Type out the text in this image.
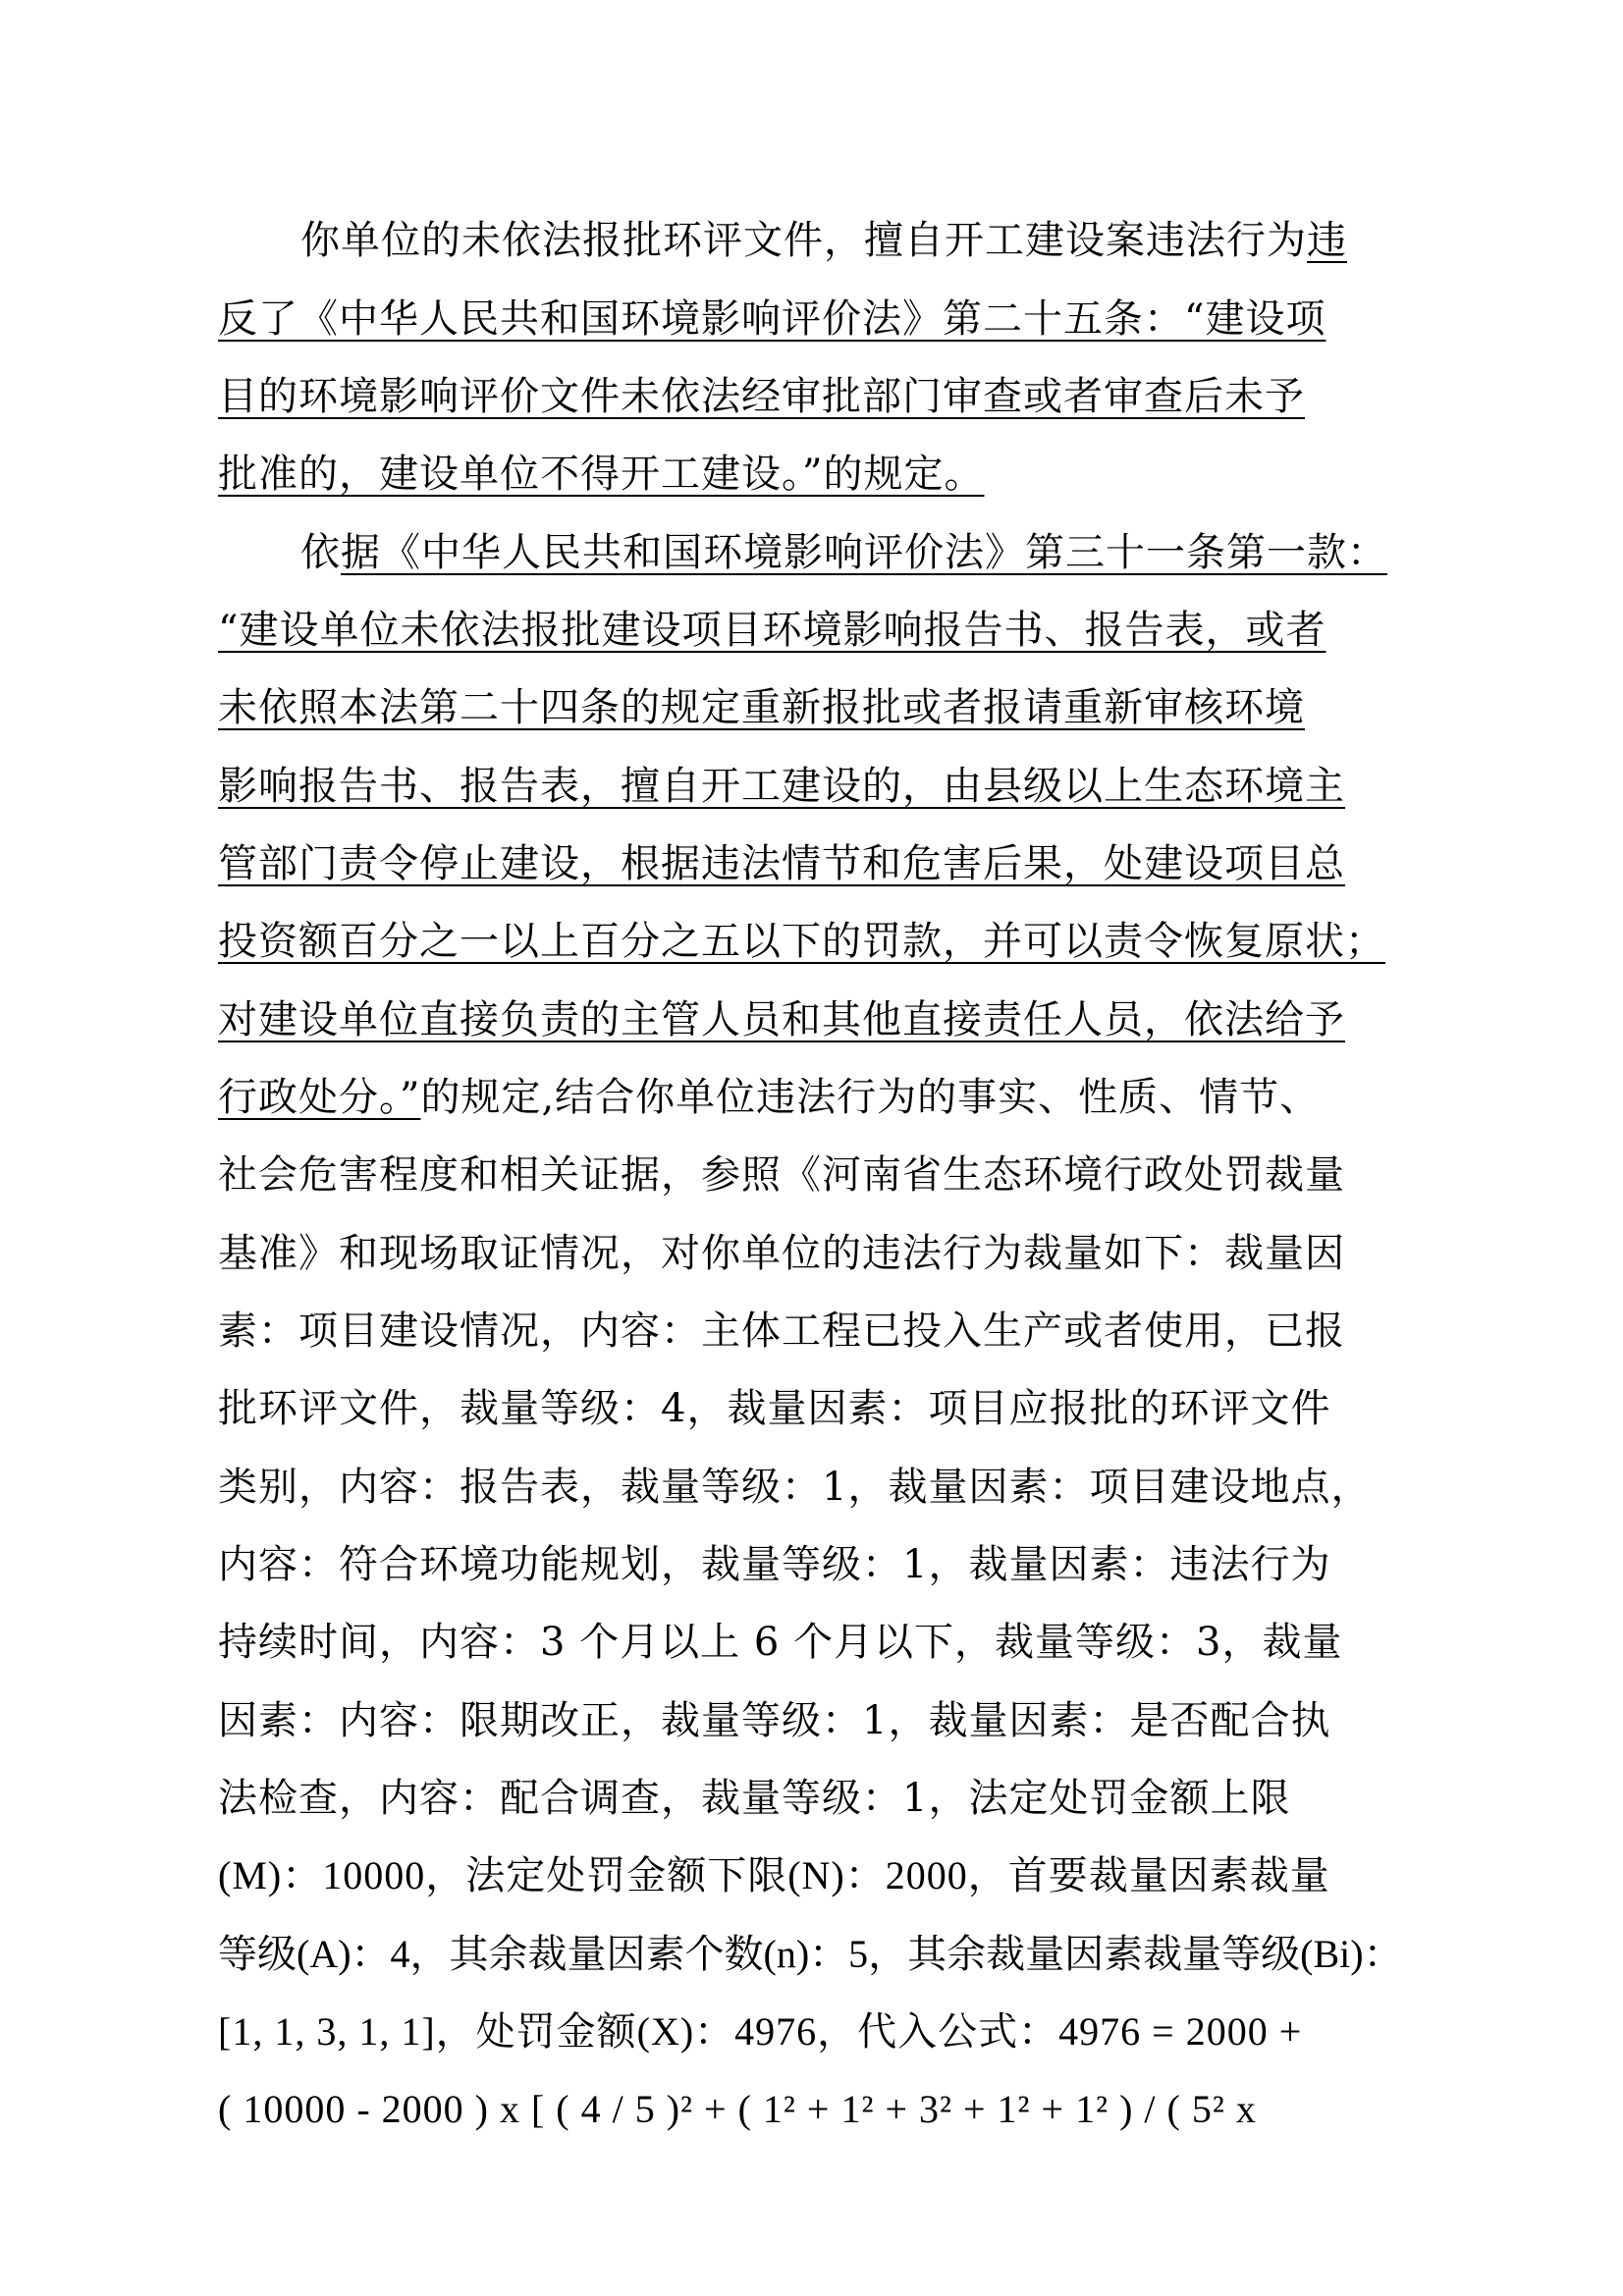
你单位的未依法报批环评文件，擅自开工建设案违法行为违
反了《中华人民共和国环境影响评价法》第二十五条：“建设项
目的环境影响评价文件未依法经审批部门审查或者审查后未予
批准的，建设单位不得开工建设。”的规定。
依据《中华人民共和国环境影响评价法》第三十一条第一款：
“建设单位未依法报批建设项目环境影响报告书、报告表，或者
未依照本法第二十四条的规定重新报批或者报请重新审核环境
影响报告书、报告表，擅自开工建设的，由县级以上生态环境主
管部门责令停止建设，根据违法情节和危害后果，处建设项目总
投资额百分之一以上百分之五以下的罚款，并可以责令恢复原状；
对建设单位直接负责的主管人员和其他直接责任人员，依法给予
行政处分。”的规定,结合你单位违法行为的事实、性质、情节、
社会危害程度和相关证据，参照《河南省生态环境行政处罚裁量
基准》和现场取证情况，对你单位的违法行为裁量如下：裁量因
素：项目建设情况，内容：主体工程已投入生产或者使用，已报
批环评文件，裁量等级：4，裁量因素：项目应报批的环评文件
类别，内容：报告表，裁量等级：1，裁量因素：项目建设地点，
内容：符合环境功能规划，裁量等级：1，裁量因素：违法行为
持续时间，内容：3 个月以上 6 个月以下，裁量等级：3，裁量
因素：内容：限期改正，裁量等级：1，裁量因素：是否配合执
法检查，内容：配合调查，裁量等级：1，法定处罚金额上限
(M)：10000，法定处罚金额下限(N)：2000，首要裁量因素裁量
等级(A)：4，其余裁量因素个数(n)：5，其余裁量因素裁量等级(Bi)：
[1, 1, 3, 1, 1]，处罚金额(X)：4976，代入公式：4976 = 2000 +
( 10000 - 2000 ) x [ ( 4 / 5 )² + ( 1² + 1² + 3² + 1² + 1² ) / ( 5² x
